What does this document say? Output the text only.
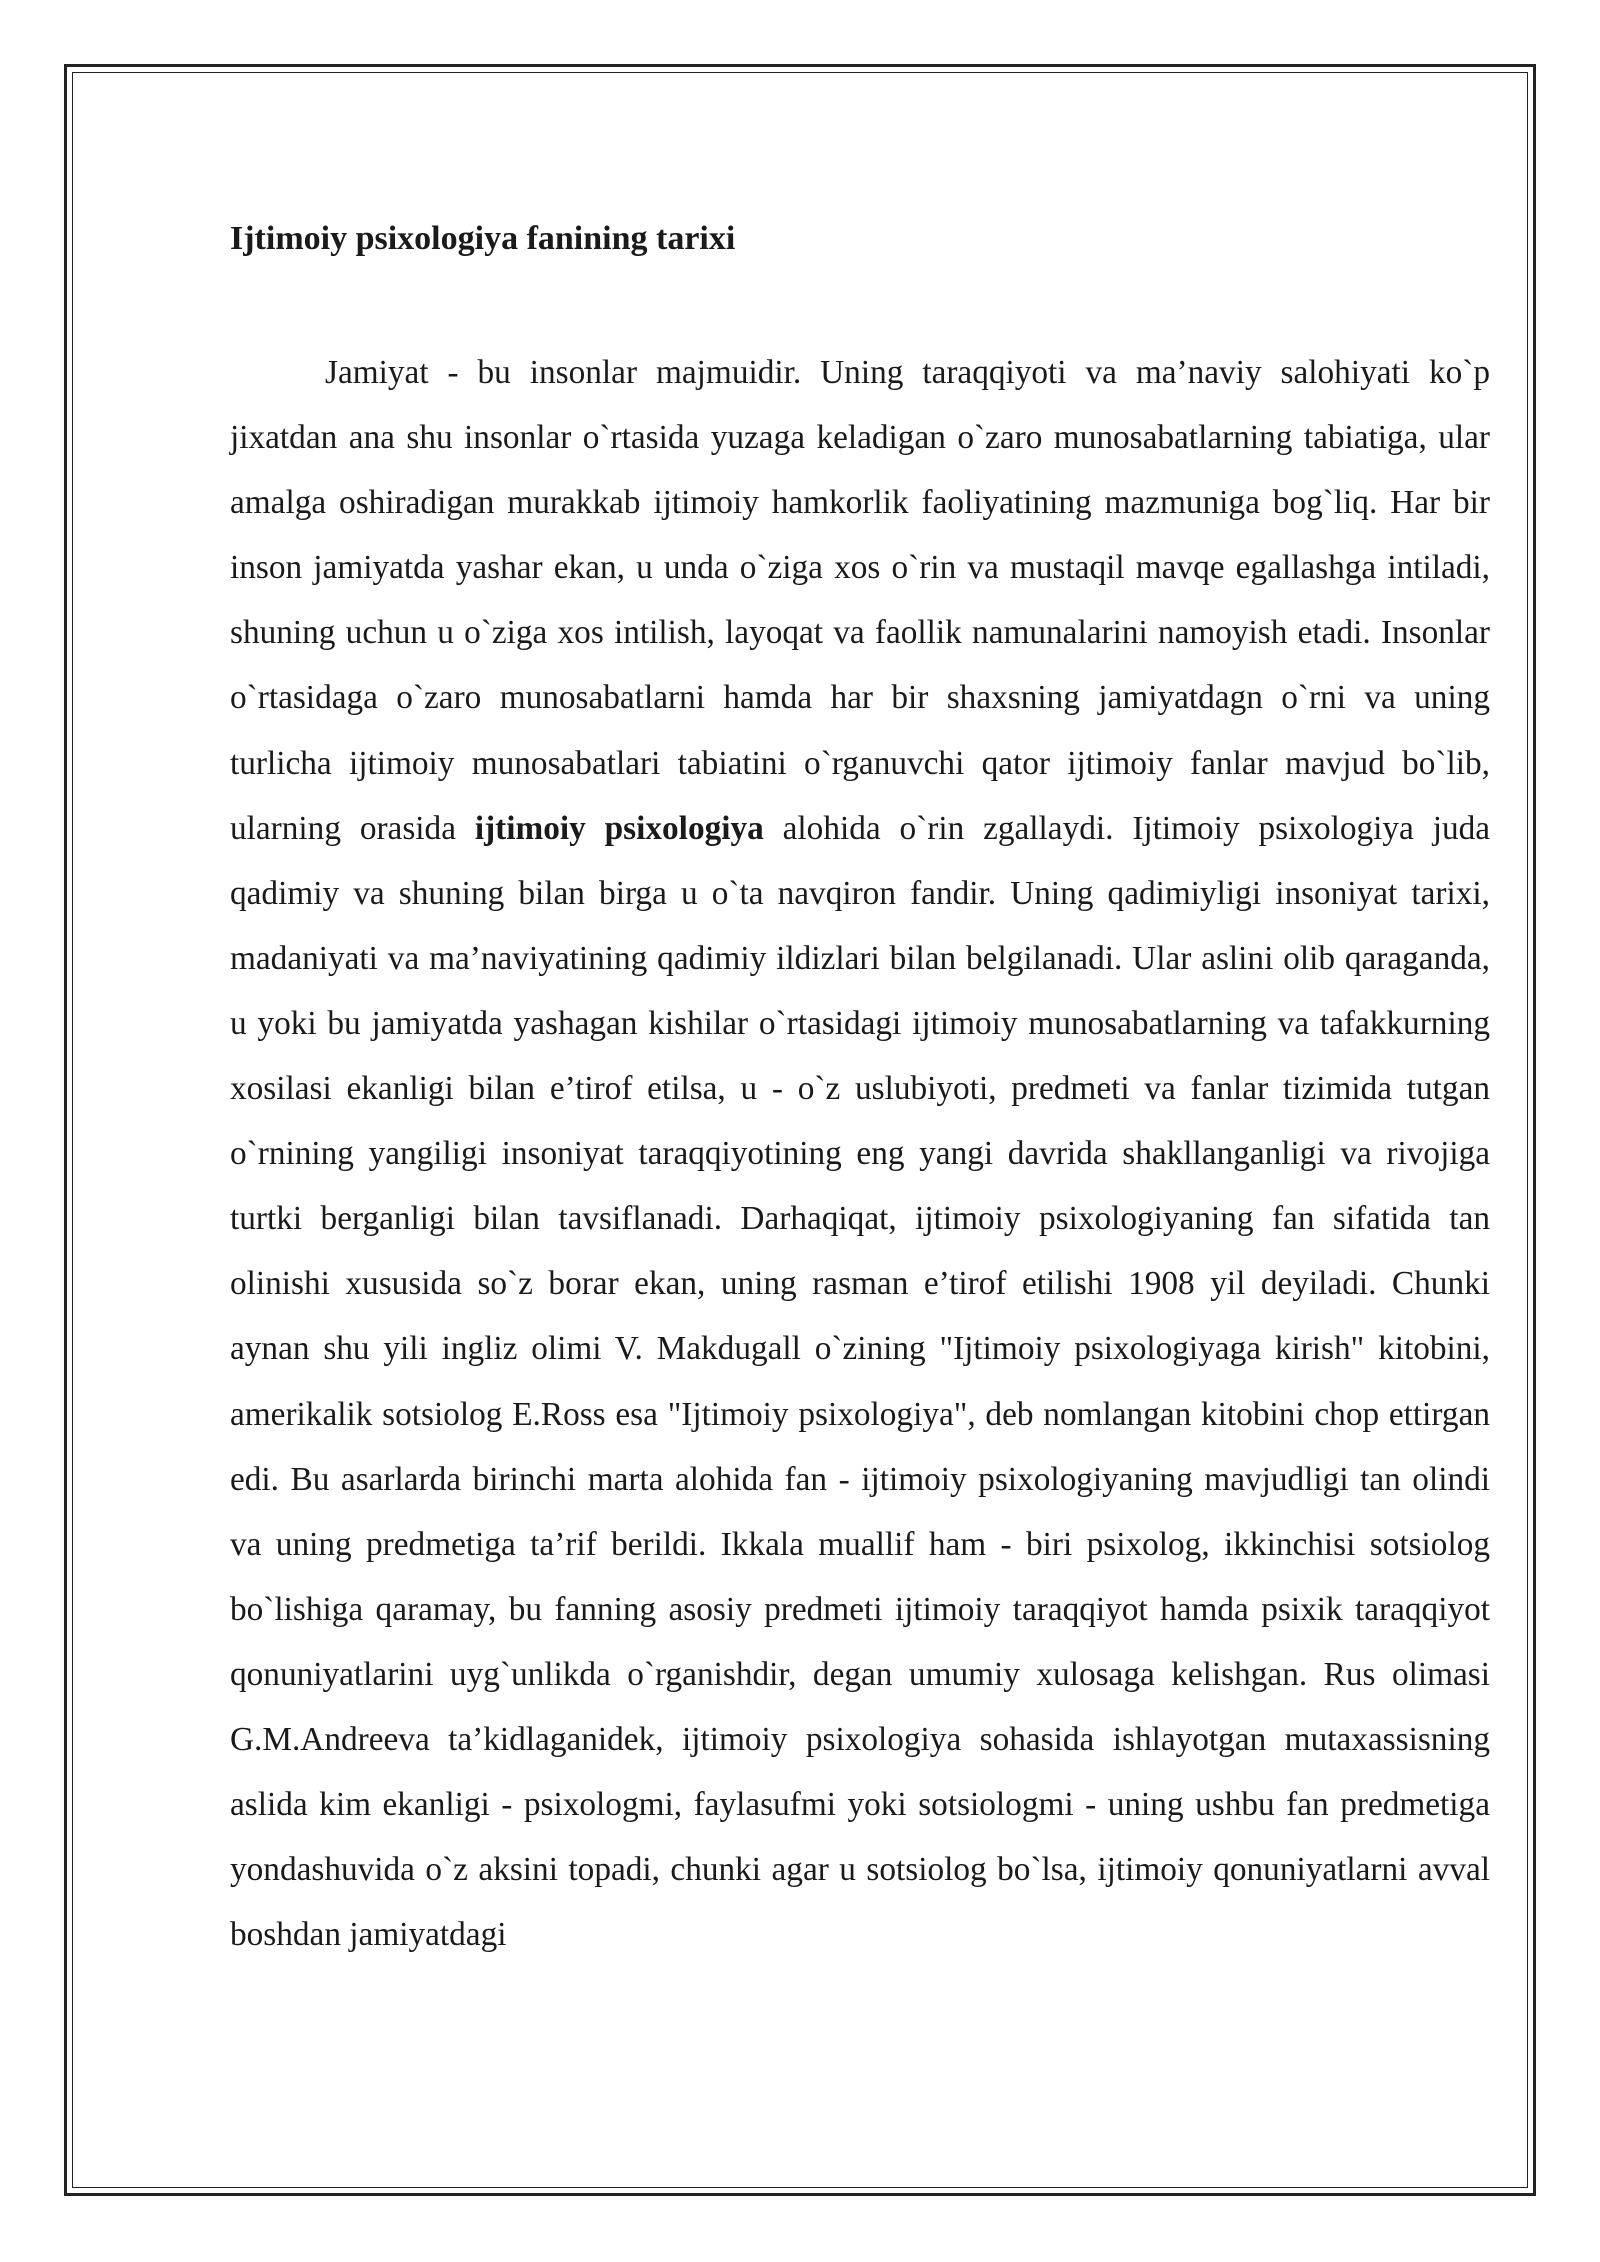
Ijtimoiy psixologiya fanining tarixi

Jamiyat - bu insonlar majmuidir. Uning taraqqiyoti va ma’naviy salohiyati ko`p jixatdan ana shu insonlar o`rtasida yuzaga keladigan o`zaro munosabatlarning tabiatiga, ular amalga oshiradigan murakkab ijtimoiy hamkorlik faoliyatining mazmuniga bog`liq. Har bir inson jamiyatda yashar ekan, u unda o`ziga xos o`rin va mustaqil mavqe egallashga intiladi, shuning uchun u o`ziga xos intilish, layoqat va faollik namunalarini namoyish etadi. Insonlar o`rtasidaga o`zaro munosabatlarni hamda har bir shaxsning jamiyatdagn o`rni va uning turlicha ijtimoiy munosabatlari tabiatini o`rganuvchi qator ijtimoiy fanlar mavjud bo`lib, ularning orasida ijtimoiy psixologiya alohida o`rin zgallaydi. Ijtimoiy psixologiya juda qadimiy va shuning bilan birga u o`ta navqiron fandir. Uning qadimiyligi insoniyat tarixi, madaniyati va ma’naviyatining qadimiy ildizlari bilan belgilanadi. Ular aslini olib qaraganda, u yoki bu jamiyatda yashagan kishilar o`rtasidagi ijtimoiy munosabatlarning va tafakkurning xosilasi ekanligi bilan e’tirof etilsa, u - o`z uslubiyoti, predmeti va fanlar tizimida tutgan o`rnining yangiligi insoniyat taraqqiyotining eng yangi davrida shakllanganligi va rivojiga turtki berganligi bilan tavsiflanadi. Darhaqiqat, ijtimoiy psixologiyaning fan sifatida tan olinishi xususida so`z borar ekan, uning rasman e’tirof etilishi 1908 yil deyiladi. Chunki aynan shu yili ingliz olimi V. Makdugall o`zining "Ijtimoiy psixologiyaga kirish" kitobini, amerikalik sotsiolog E.Ross esa "Ijtimoiy psixologiya", deb nomlangan kitobini chop ettirgan edi. Bu asarlarda birinchi marta alohida fan - ijtimoiy psixologiyaning mavjudligi tan olindi va uning predmetiga ta’rif berildi. Ikkala muallif ham - biri psixolog, ikkinchisi sotsiolog bo`lishiga qaramay, bu fanning asosiy predmeti ijtimoiy taraqqiyot hamda psixik taraqqiyot qonuniyatlarini uyg`unlikda o`rganishdir, degan umumiy xulosaga kelishgan. Rus olimasi G.M.Andreeva ta’kidlaganidek, ijtimoiy psixologiya sohasida ishlayotgan mutaxassisning aslida kim ekanligi - psixologmi, faylasufmi yoki sotsiologmi - uning ushbu fan predmetiga yondashuvida o`z aksini topadi, chunki agar u sotsiolog bo`lsa, ijtimoiy qonuniyatlarni avval boshdan jamiyatdagi
